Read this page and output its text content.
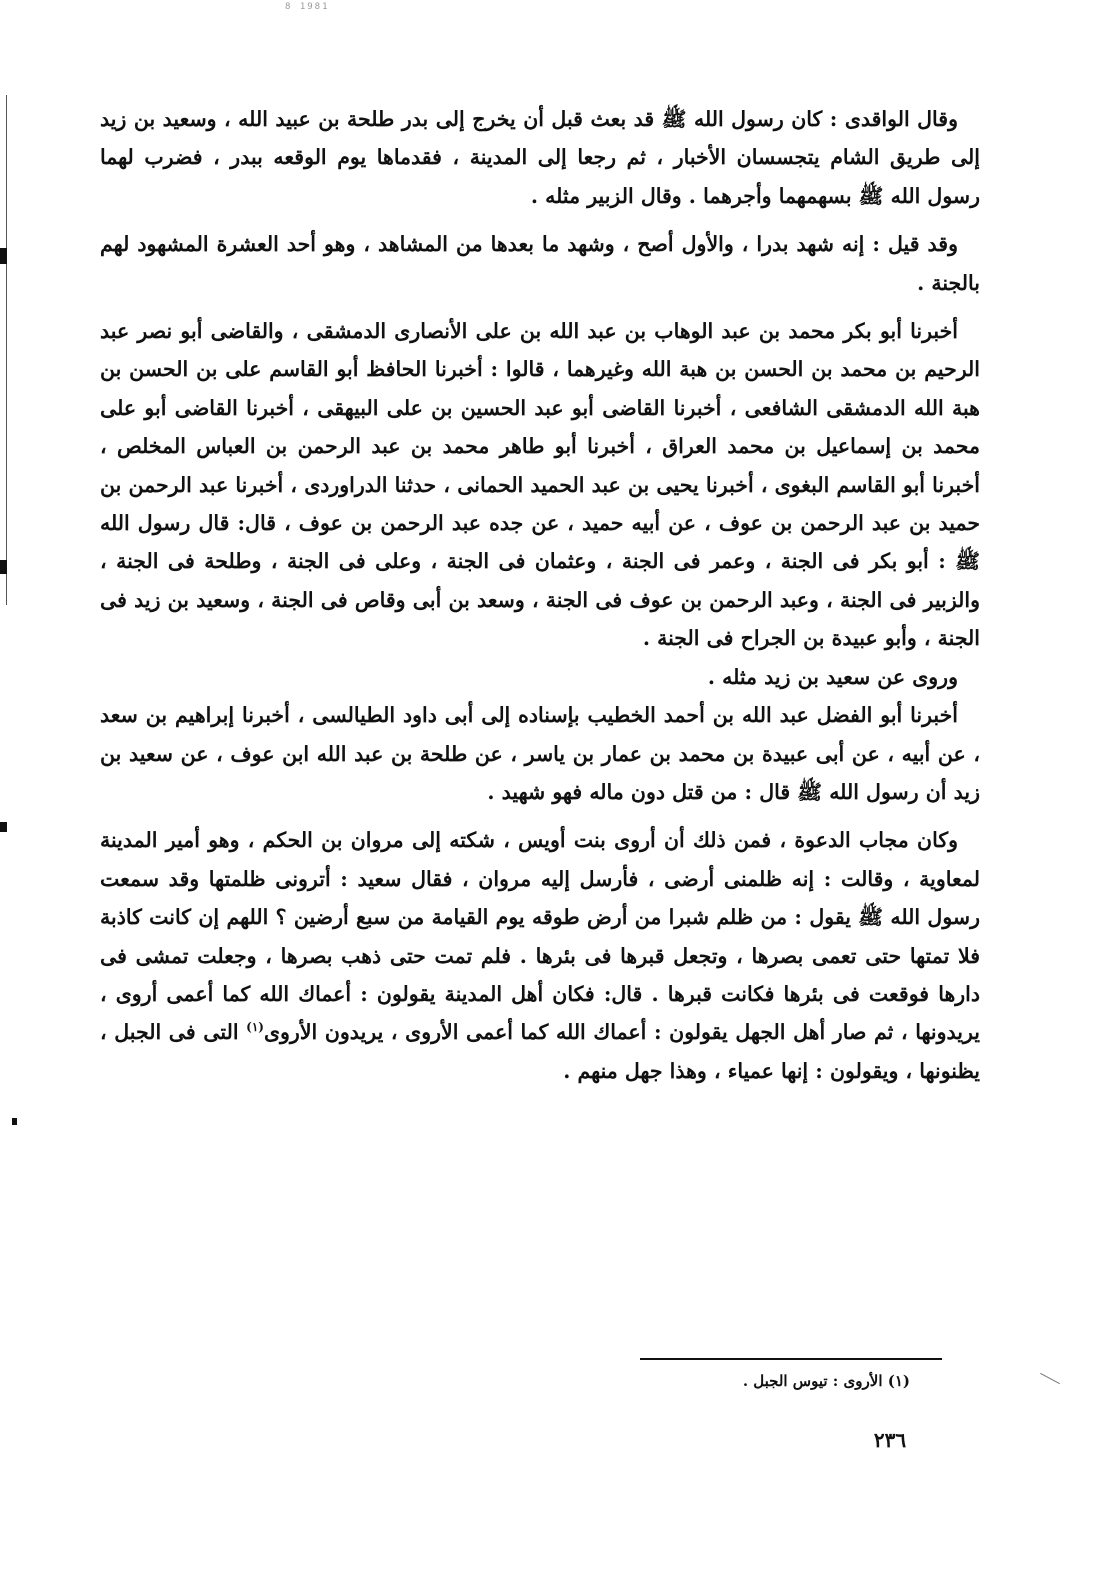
8 1981

وقال الواقدى : كان رسول الله ﷺ قد بعث قبل أن يخرج إلى بدر طلحة بن عبيد الله ، وسعيد بن زيد إلى طريق الشام يتجسسان الأخبار ، ثم رجعا إلى المدينة ، فقدماها يوم الوقعه ببدر ، فضرب لهما رسول الله ﷺ بسهمهما وأجرهما . وقال الزبير مثله .

وقد قيل : إنه شهد بدرا ، والأول أصح ، وشهد ما بعدها من المشاهد ، وهو أحد العشرة المشهود لهم بالجنة .

أخبرنا أبو بكر محمد بن عبد الوهاب بن عبد الله بن على الأنصارى الدمشقى ، والقاضى أبو نصر عبد الرحيم بن محمد بن الحسن بن هبة الله وغيرهما ، قالوا : أخبرنا الحافظ أبو القاسم على بن الحسن بن هبة الله الدمشقى الشافعى ، أخبرنا القاضى أبو عبد الحسين بن على البيهقى ، أخبرنا القاضى أبو على محمد بن إسماعيل بن محمد العراق ، أخبرنا أبو طاهر محمد بن عبد الرحمن بن العباس المخلص ، أخبرنا أبو القاسم البغوى ، أخبرنا يحيى بن عبد الحميد الحمانى ، حدثنا الدراوردى ، أخبرنا عبد الرحمن بن حميد بن عبد الرحمن بن عوف ، عن أبيه حميد ، عن جده عبد الرحمن بن عوف ، قال: قال رسول الله ﷺ : أبو بكر فى الجنة ، وعمر فى الجنة ، وعثمان فى الجنة ، وعلى فى الجنة ، وطلحة فى الجنة ، والزبير فى الجنة ، وعبد الرحمن بن عوف فى الجنة ، وسعد بن أبى وقاص فى الجنة ، وسعيد بن زيد فى الجنة ، وأبو عبيدة بن الجراح فى الجنة .

وروى عن سعيد بن زيد مثله .

أخبرنا أبو الفضل عبد الله بن أحمد الخطيب بإسناده إلى أبى داود الطيالسى ، أخبرنا إبراهيم بن سعد ، عن أبيه ، عن أبى عبيدة بن محمد بن عمار بن ياسر ، عن طلحة بن عبد الله ابن عوف ، عن سعيد بن زيد أن رسول الله ﷺ قال : من قتل دون ماله فهو شهيد .

وكان مجاب الدعوة ، فمن ذلك أن أروى بنت أويس ، شكته إلى مروان بن الحكم ، وهو أمير المدينة لمعاوية ، وقالت : إنه ظلمنى أرضى ، فأرسل إليه مروان ، فقال سعيد : أترونى ظلمتها وقد سمعت رسول الله ﷺ يقول : من ظلم شبرا من أرض طوقه يوم القيامة من سبع أرضين ؟ اللهم إن كانت كاذبة فلا تمتها حتى تعمى بصرها ، وتجعل قبرها فى بئرها . فلم تمت حتى ذهب بصرها ، وجعلت تمشى فى دارها فوقعت فى بئرها فكانت قبرها . قال: فكان أهل المدينة يقولون : أعماك الله كما أعمى أروى ، يريدونها ، ثم صار أهل الجهل يقولون : أعماك الله كما أعمى الأروى ، يريدون الأروى$^{(١)}$ التى فى الجبل ، يظنونها ، ويقولون : إنها عمياء ، وهذا جهل منهم .

(١) الأروى : تيوس الجبل .
٢٣٦
